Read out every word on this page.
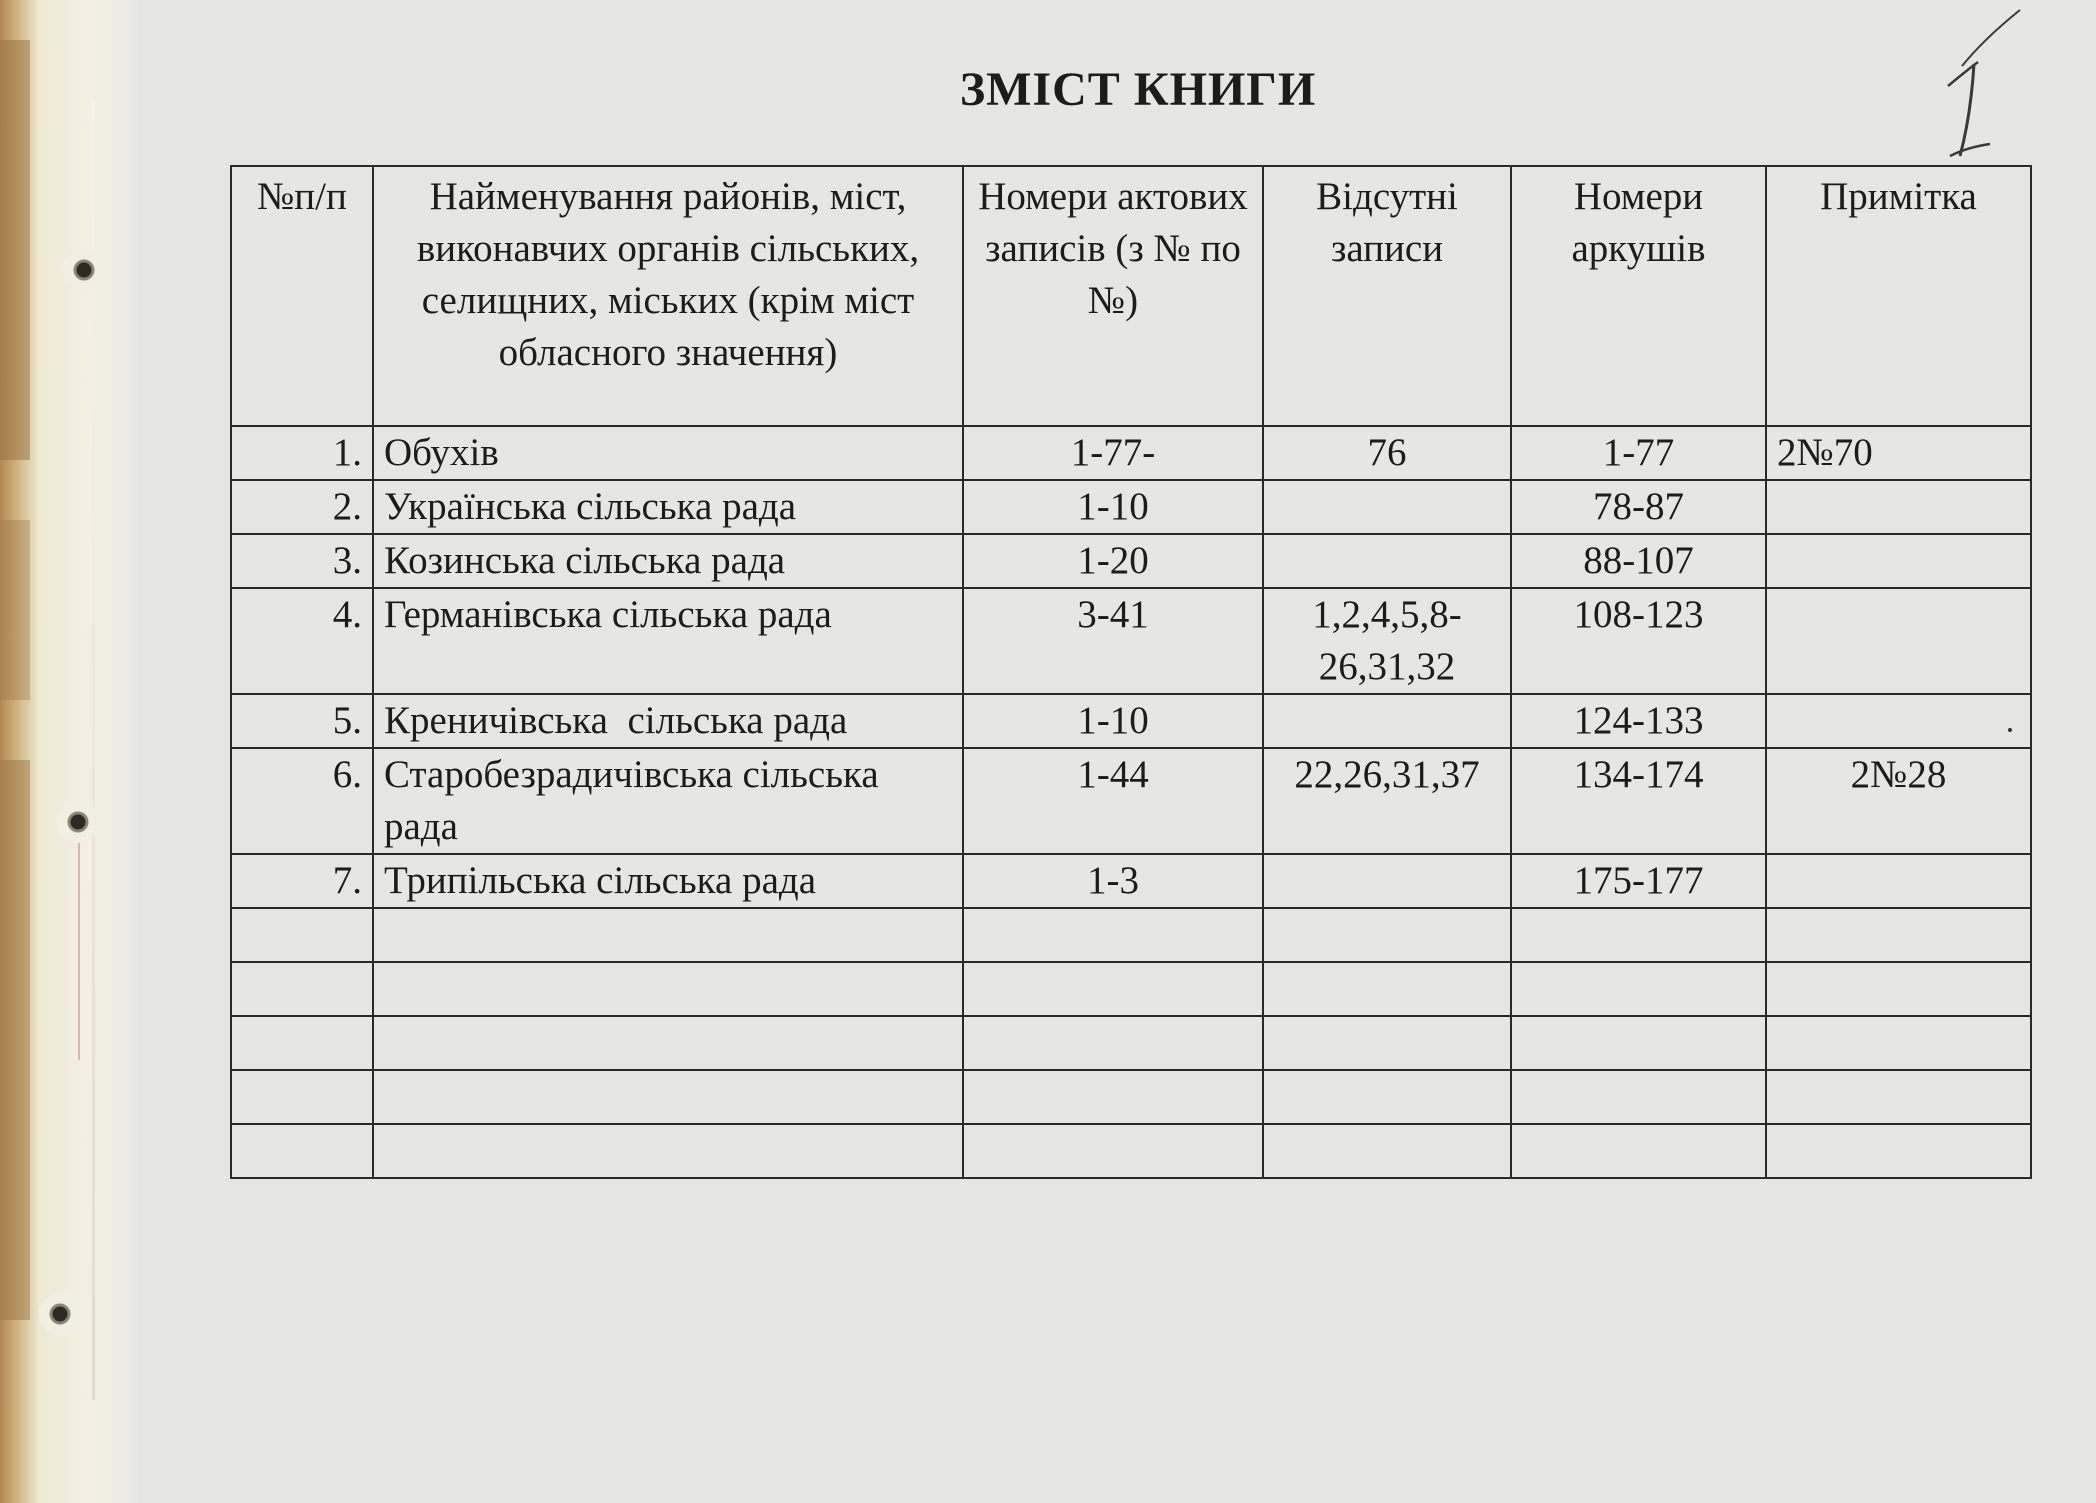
ЗМІСТ КНИГИ
№п/п	Найменування районів, міст, виконавчих органів сільських, селищних, міських (крім міст обласного значення)	Номери актових записів (з № по №)	Відсутні записи	Номери аркушів	Примітка
1.	Обухів	1-77-	76	1-77	2№70
2.	Українська сільська рада	1-10		78-87	
3.	Козинська сільська рада	1-20		88-107	
4.	Германівська сільська рада	3-41	1,2,4,5,8-26,31,32	108-123	
5.	Креничівська  сільська рада	1-10		124-133	
6.	Старобезрадичівська сільська рада	1-44	22,26,31,37	134-174	2№28
7.	Трипільська сільська рада	1-3		175-177	
